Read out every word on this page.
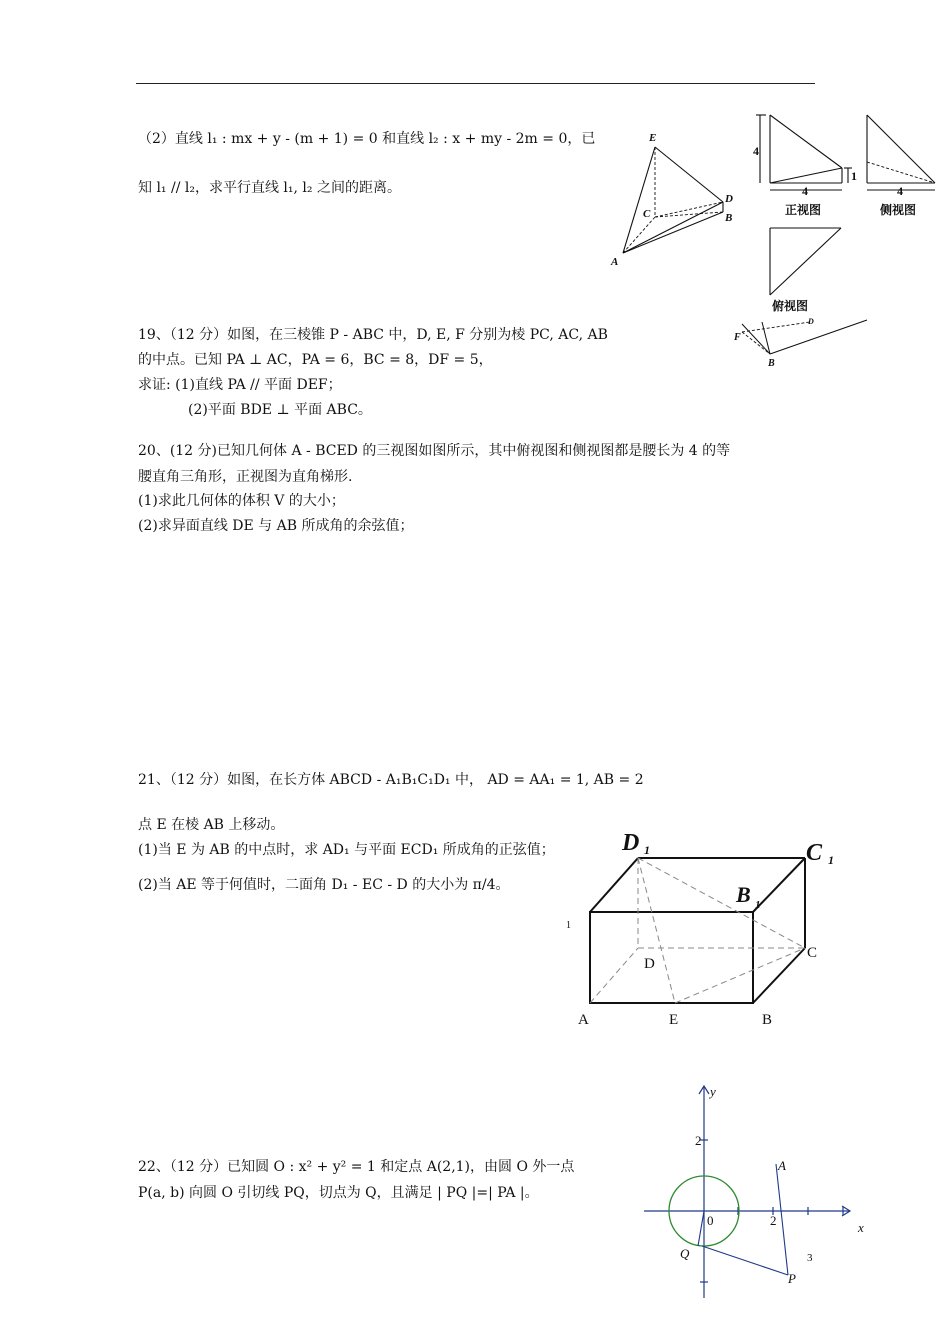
（2）直线 l₁ : mx + y - (m + 1) = 0 和直线 l₂ : x + my - 2m = 0，已
知 l₁ // l₂，求平行直线 l₁, l₂ 之间的距离。
19、（12 分）如图，在三棱锥 P - ABC 中，D, E, F 分别为棱 PC, AC, AB
的中点。已知 PA ⊥ AC，PA = 6，BC = 8，DF = 5，
求证: (1)直线 PA // 平面 DEF；
(2)平面 BDE ⊥ 平面 ABC。
20、(12 分)已知几何体 A - BCED 的三视图如图所示，其中俯视图和侧视图都是腰长为 4 的等
腰直角三角形，正视图为直角梯形.
(1)求此几何体的体积 V 的大小；
(2)求异面直线 DE 与 AB 所成角的余弦值；
21、（12 分）如图，在长方体 ABCD - A₁B₁C₁D₁ 中， AD = AA₁ = 1, AB = 2
点 E 在棱 AB 上移动。
(1)当 E 为 AB 的中点时，求 AD₁ 与平面 ECD₁ 所成角的正弦值；
(2)当 AE 等于何值时，二面角 D₁ - EC - D 的大小为 π/4。
22、（12 分）已知圆 O : x² + y² = 1 和定点 A(2,1)，由圆 O 外一点
P(a, b) 向圆 O 引切线 PQ，切点为 Q，且满足 | PQ |=| PA |。
E
D
C	B
A
4
4
1
4
正视图	侧视图
俯视图
F
B
D
D 1	C 1
B 1
1
D
C
A	E	B
y
x
2
2
0
A
Q
P
3
